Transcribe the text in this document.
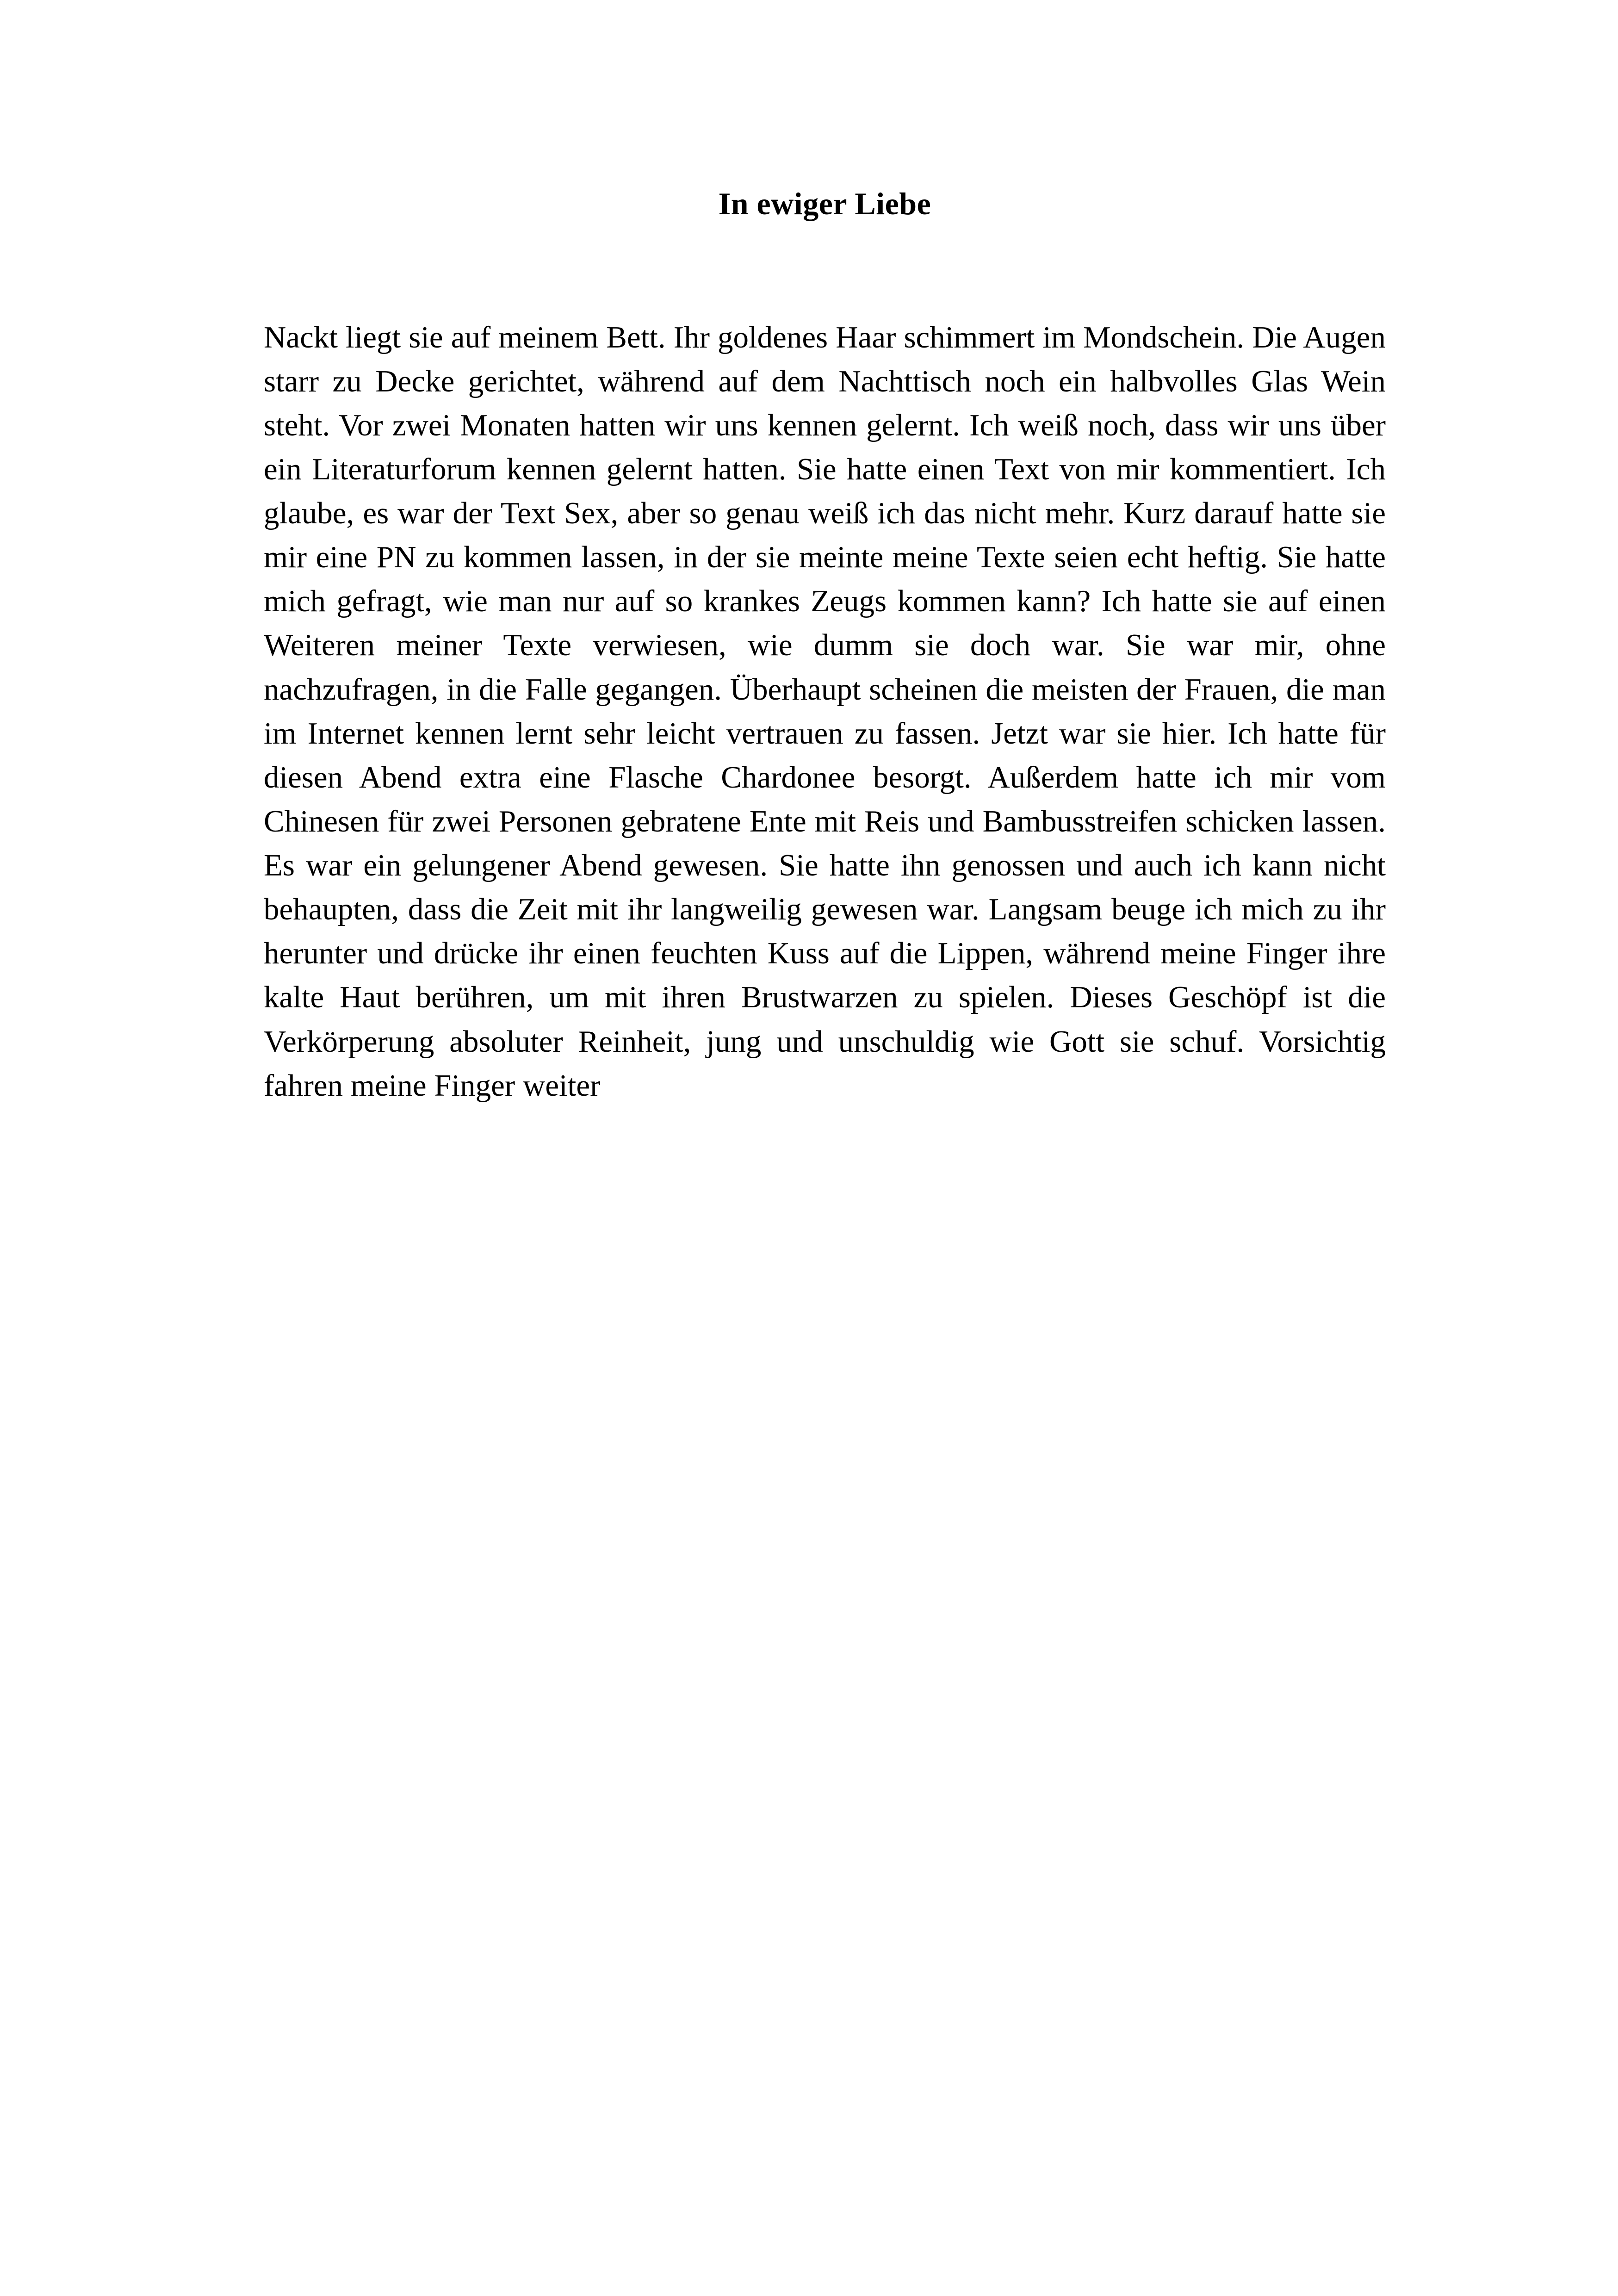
In ewiger Liebe

Nackt liegt sie auf meinem Bett. Ihr goldenes Haar schimmert im Mondschein. Die Augen starr zu Decke gerichtet, während auf dem Nachttisch noch ein halbvolles Glas Wein steht. Vor zwei Monaten hatten wir uns kennen gelernt. Ich weiß noch, dass wir uns über ein Literaturforum kennen gelernt hatten. Sie hatte einen Text von mir kommentiert. Ich glaube, es war der Text Sex, aber so genau weiß ich das nicht mehr. Kurz darauf hatte sie mir eine PN zu kommen lassen, in der sie meinte meine Texte seien echt heftig. Sie hatte mich gefragt, wie man nur auf so krankes Zeugs kommen kann? Ich hatte sie auf einen Weiteren meiner Texte verwiesen, wie dumm sie doch war. Sie war mir, ohne nachzufragen, in die Falle gegangen. Überhaupt scheinen die meisten der Frauen, die man im Internet kennen lernt sehr leicht vertrauen zu fassen. Jetzt war sie hier. Ich hatte für diesen Abend extra eine Flasche Chardonee besorgt. Außerdem hatte ich mir vom Chinesen für zwei Personen gebratene Ente mit Reis und Bambusstreifen schicken lassen. Es war ein gelungener Abend gewesen. Sie hatte ihn genossen und auch ich kann nicht behaupten, dass die Zeit mit ihr langweilig gewesen war. Langsam beuge ich mich zu ihr herunter und drücke ihr einen feuchten Kuss auf die Lippen, während meine Finger ihre kalte Haut berühren, um mit ihren Brustwarzen zu spielen. Dieses Geschöpf ist die Verkörperung absoluter Reinheit, jung und unschuldig wie Gott sie schuf. Vorsichtig fahren meine Finger weiter
